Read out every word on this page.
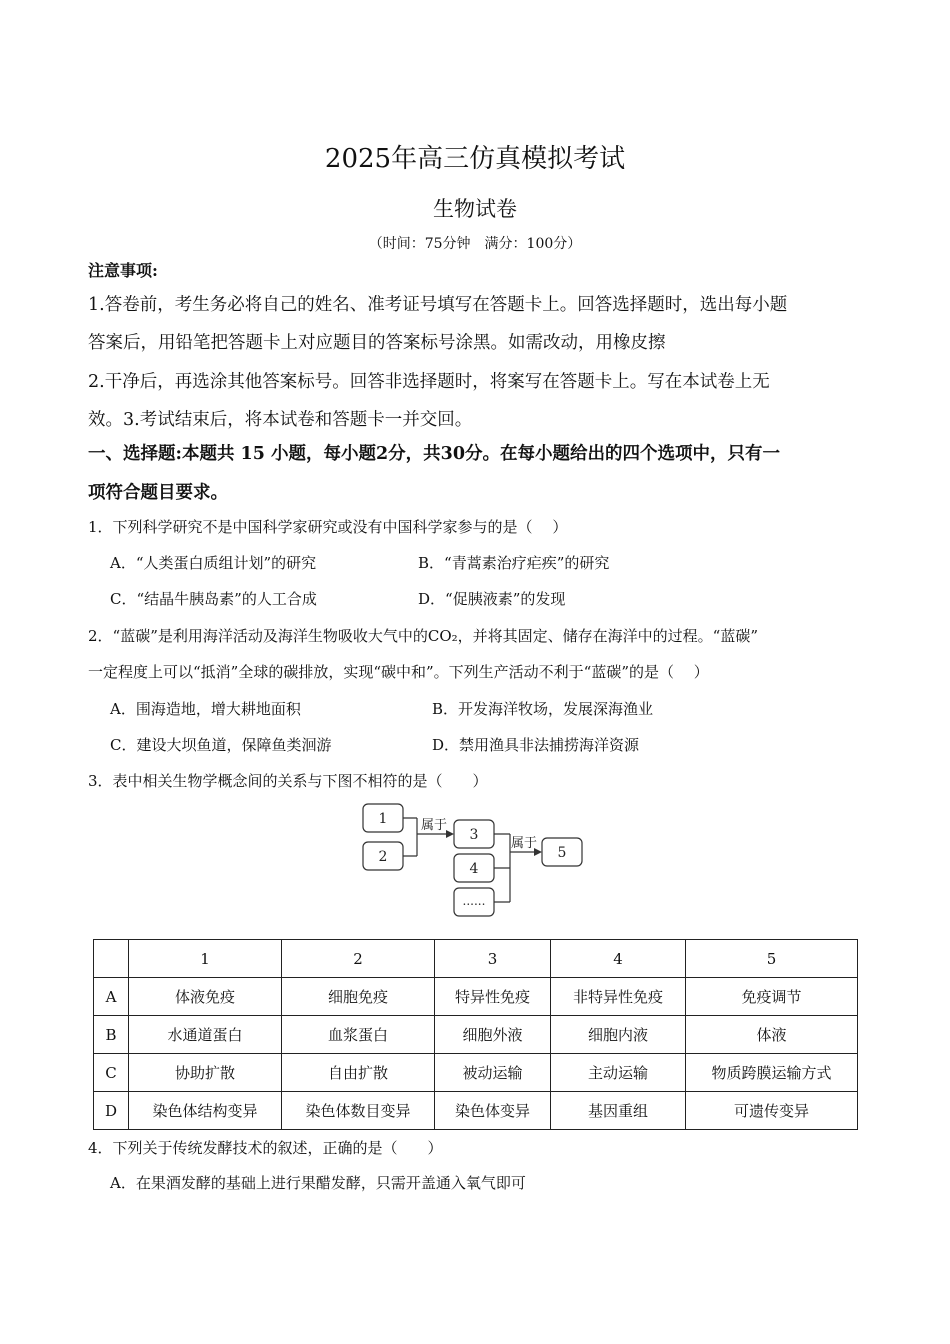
2025年高三仿真模拟考试
生物试卷
（时间：75分钟　满分：100分）
注意事项:
1.答卷前，考生务必将自己的姓名、准考证号填写在答题卡上。回答选择题时，选出每小题
答案后，用铅笔把答题卡上对应题目的答案标号涂黑。如需改动，用橡皮擦
2.干净后，再选涂其他答案标号。回答非选择题时，将案写在答题卡上。写在本试卷上无
效。3.考试结束后，将本试卷和答题卡一并交回。
一、选择题:本题共 15 小题，每小题2分，共30分。在每小题给出的四个选项中，只有一
项符合题目要求。
1．下列科学研究不是中国科学家研究或没有中国科学家参与的是（　 ）
A．“人类蛋白质组计划”的研究	B．“青蒿素治疗疟疾”的研究
C．“结晶牛胰岛素”的人工合成	D．“促胰液素”的发现
2．“蓝碳”是利用海洋活动及海洋生物吸收大气中的CO₂，并将其固定、储存在海洋中的过程。“蓝碳”
一定程度上可以“抵消”全球的碳排放，实现“碳中和”。下列生产活动不利于“蓝碳”的是（　 ）
A．围海造地，增大耕地面积	B．开发海洋牧场，发展深海渔业
C．建设大坝鱼道，保障鱼类洄游	D．禁用渔具非法捕捞海洋资源
3．表中相关生物学概念间的关系与下图不相符的是（　　）
1
2
3
4
......
5
属于
属于
	1	2	3	4	5
A	体液免疫	细胞免疫	特异性免疫	非特异性免疫	免疫调节
B	水通道蛋白	血浆蛋白	细胞外液	细胞内液	体液
C	协助扩散	自由扩散	被动运输	主动运输	物质跨膜运输方式
D	染色体结构变异	染色体数目变异	染色体变异	基因重组	可遗传变异
4．下列关于传统发酵技术的叙述，正确的是（　　）
A．在果酒发酵的基础上进行果醋发酵，只需开盖通入氧气即可
